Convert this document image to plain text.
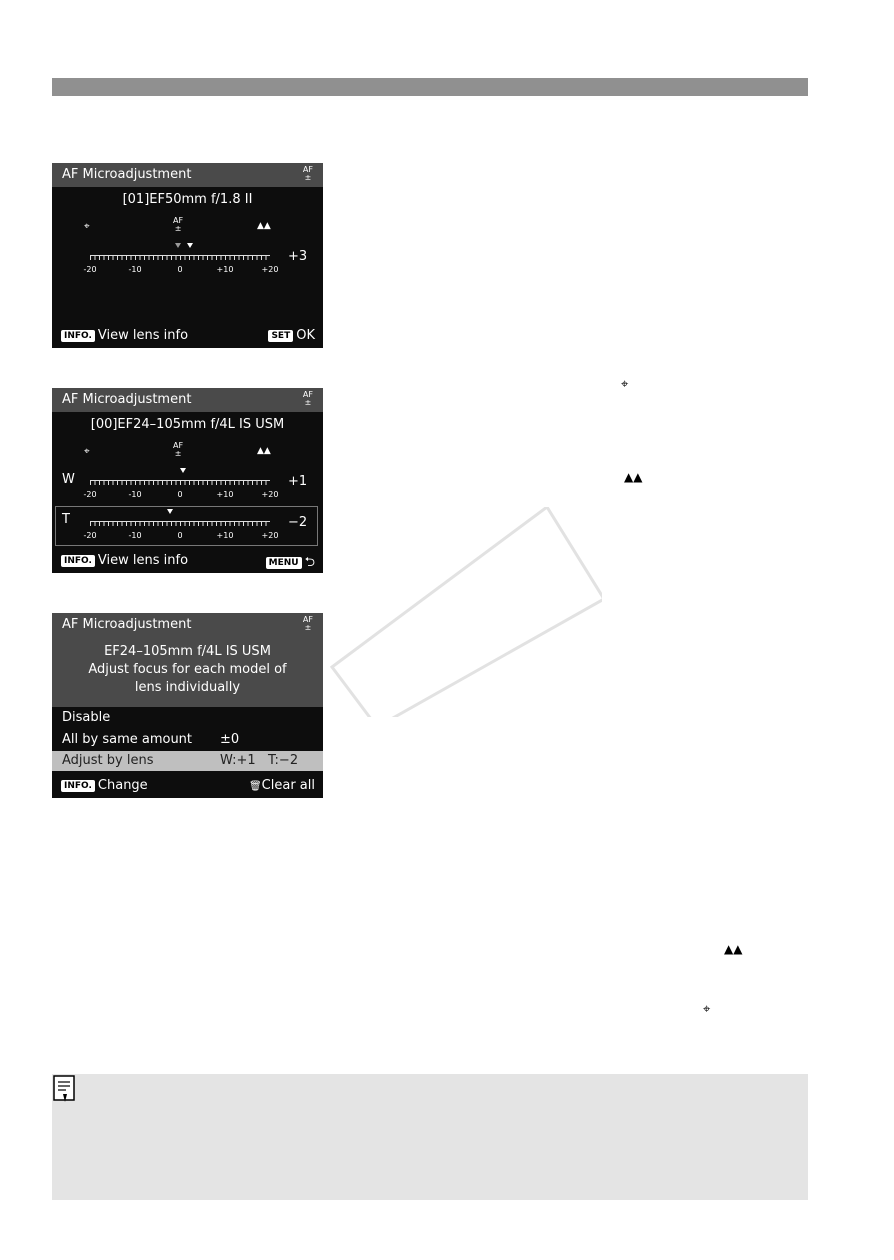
AF Microadjustment	AF
±
[01]EF50mm f/1.8 II
⌖
AF
±	▲▲
-20	-10	0	+10	+20
+3
INFO. View lens info	SET OK
AF Microadjustment	AF
±
[00]EF24–105mm f/4L IS USM
⌖
AF
±	▲▲
W
-20	-10	0	+10	+20
+1
T
-20	-10	0	+10	+20
−2
INFO. View lens info	MENU ⮌
AF Microadjustment	AF
±
EF24–105mm f/4L IS USM
Adjust focus for each model of
lens individually
Disable
All by same amount ±0
Adjust by lens	W:+1   T:−2
INFO. Change	🗑Clear all
⌖
▲▲
▲▲
⌖
